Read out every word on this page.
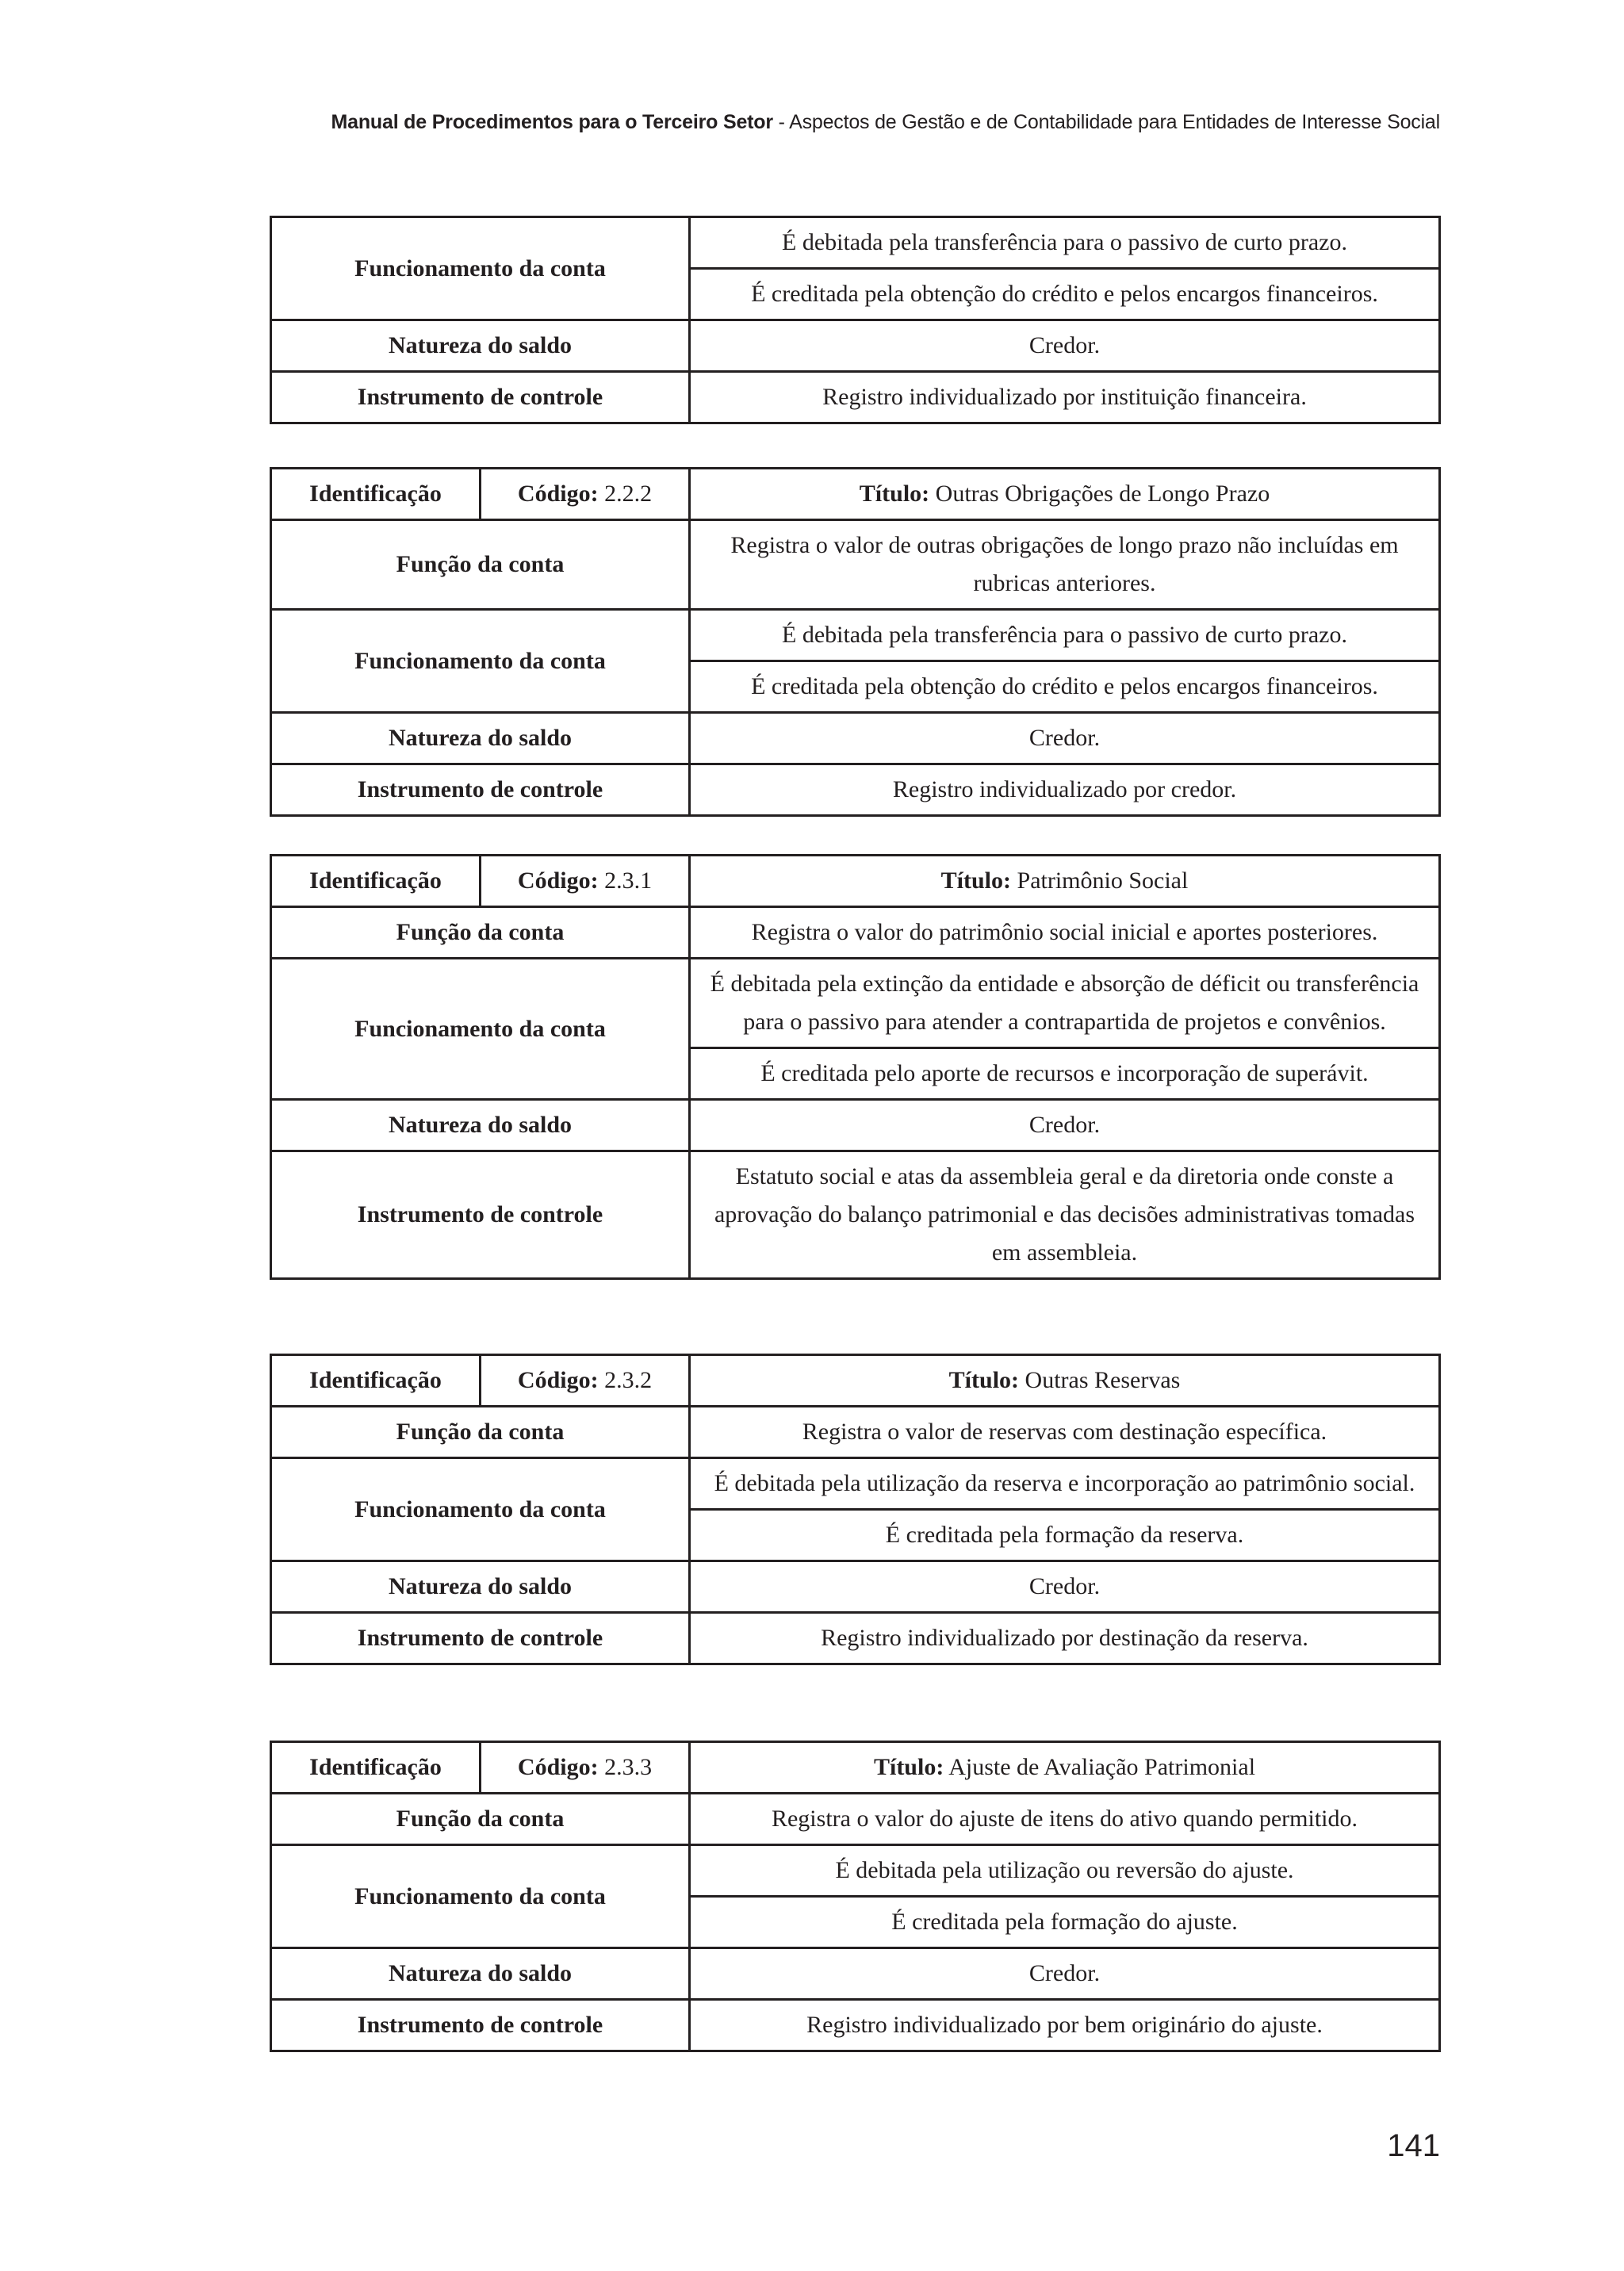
Manual de Procedimentos para o Terceiro Setor - Aspectos de Gestão e de Contabilidade para Entidades de Interesse Social
Funcionamento da conta	É debitada pela transferência para o passivo de curto prazo.
	É creditada pela obtenção do crédito e pelos encargos financeiros.
Natureza do saldo	Credor.
Instrumento de controle	Registro individualizado por instituição financeira.
Identificação	Código: 2.2.2	Título: Outras Obrigações de Longo Prazo
Função da conta		Registra o valor de outras obrigações de longo prazo não incluídas em rubricas anteriores.
Funcionamento da conta		É debitada pela transferência para o passivo de curto prazo.
		É creditada pela obtenção do crédito e pelos encargos financeiros.
Natureza do saldo		Credor.
Instrumento de controle		Registro individualizado por credor.
Identificação	Código: 2.3.1	Título: Patrimônio Social
Função da conta		Registra o valor do patrimônio social inicial e aportes posteriores.
Funcionamento da conta		É debitada pela extinção da entidade e absorção de déficit ou transferência para o passivo para atender a contrapartida de projetos e convênios.
		É creditada pelo aporte de recursos e incorporação de superávit.
Natureza do saldo		Credor.
Instrumento de controle		Estatuto social e atas da assembleia geral e da diretoria onde conste a aprovação do balanço patrimonial e das decisões administrativas tomadas em assembleia.
Identificação	Código: 2.3.2	Título: Outras Reservas
Função da conta		Registra o valor de reservas com destinação específica.
Funcionamento da conta		É debitada pela utilização da reserva e incorporação ao patrimônio social.
		É creditada pela formação da reserva.
Natureza do saldo		Credor.
Instrumento de controle		Registro individualizado por destinação da reserva.
Identificação	Código: 2.3.3	Título: Ajuste de Avaliação Patrimonial
Função da conta		Registra o valor do ajuste de itens do ativo quando permitido.
Funcionamento da conta		É debitada pela utilização ou reversão do ajuste.
		É creditada pela formação do ajuste.
Natureza do saldo		Credor.
Instrumento de controle		Registro individualizado por bem originário do ajuste.
141
